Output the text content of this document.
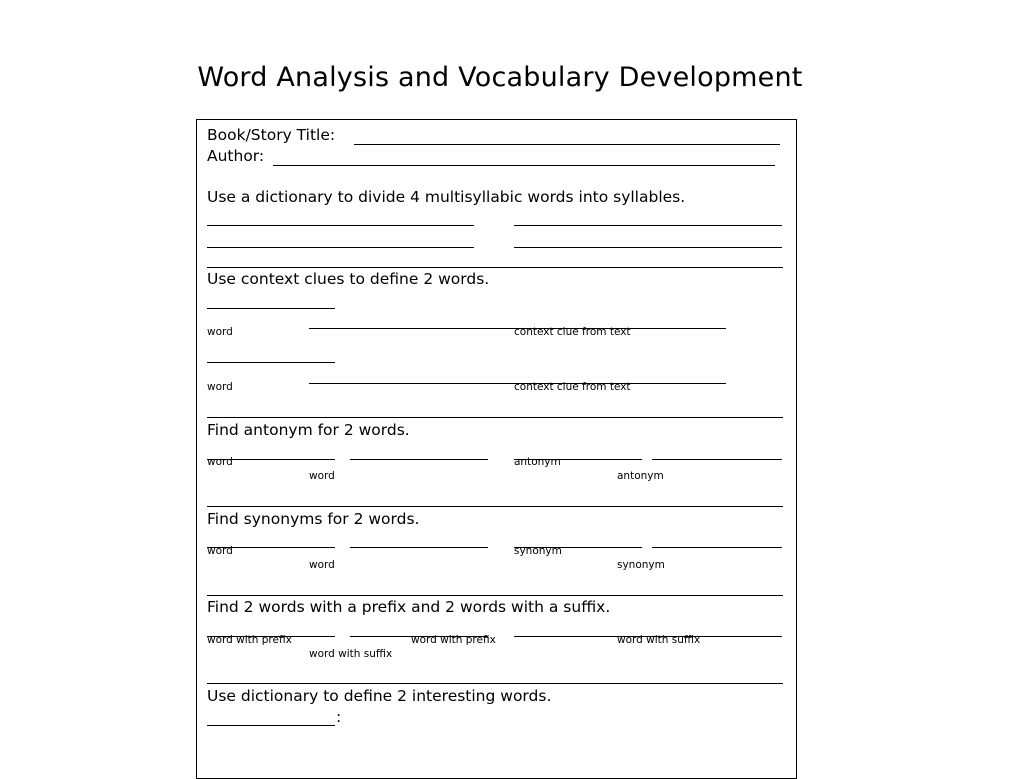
Word Analysis and Vocabulary Development
Book/Story Title:
Author:
Use a dictionary to divide 4 multisyllabic words into syllables.
Use context clues to define 2 words.
word	context clue from text
word	context clue from text
Find antonym for 2 words.
word	antonym
word	antonym
Find synonyms for 2 words.
word	synonym
word	synonym
Find 2 words with a prefix and 2 words with a suffix.
word with prefix	word with prefix	word with suffix
word with suffix
Use dictionary to define 2 interesting words.
:
